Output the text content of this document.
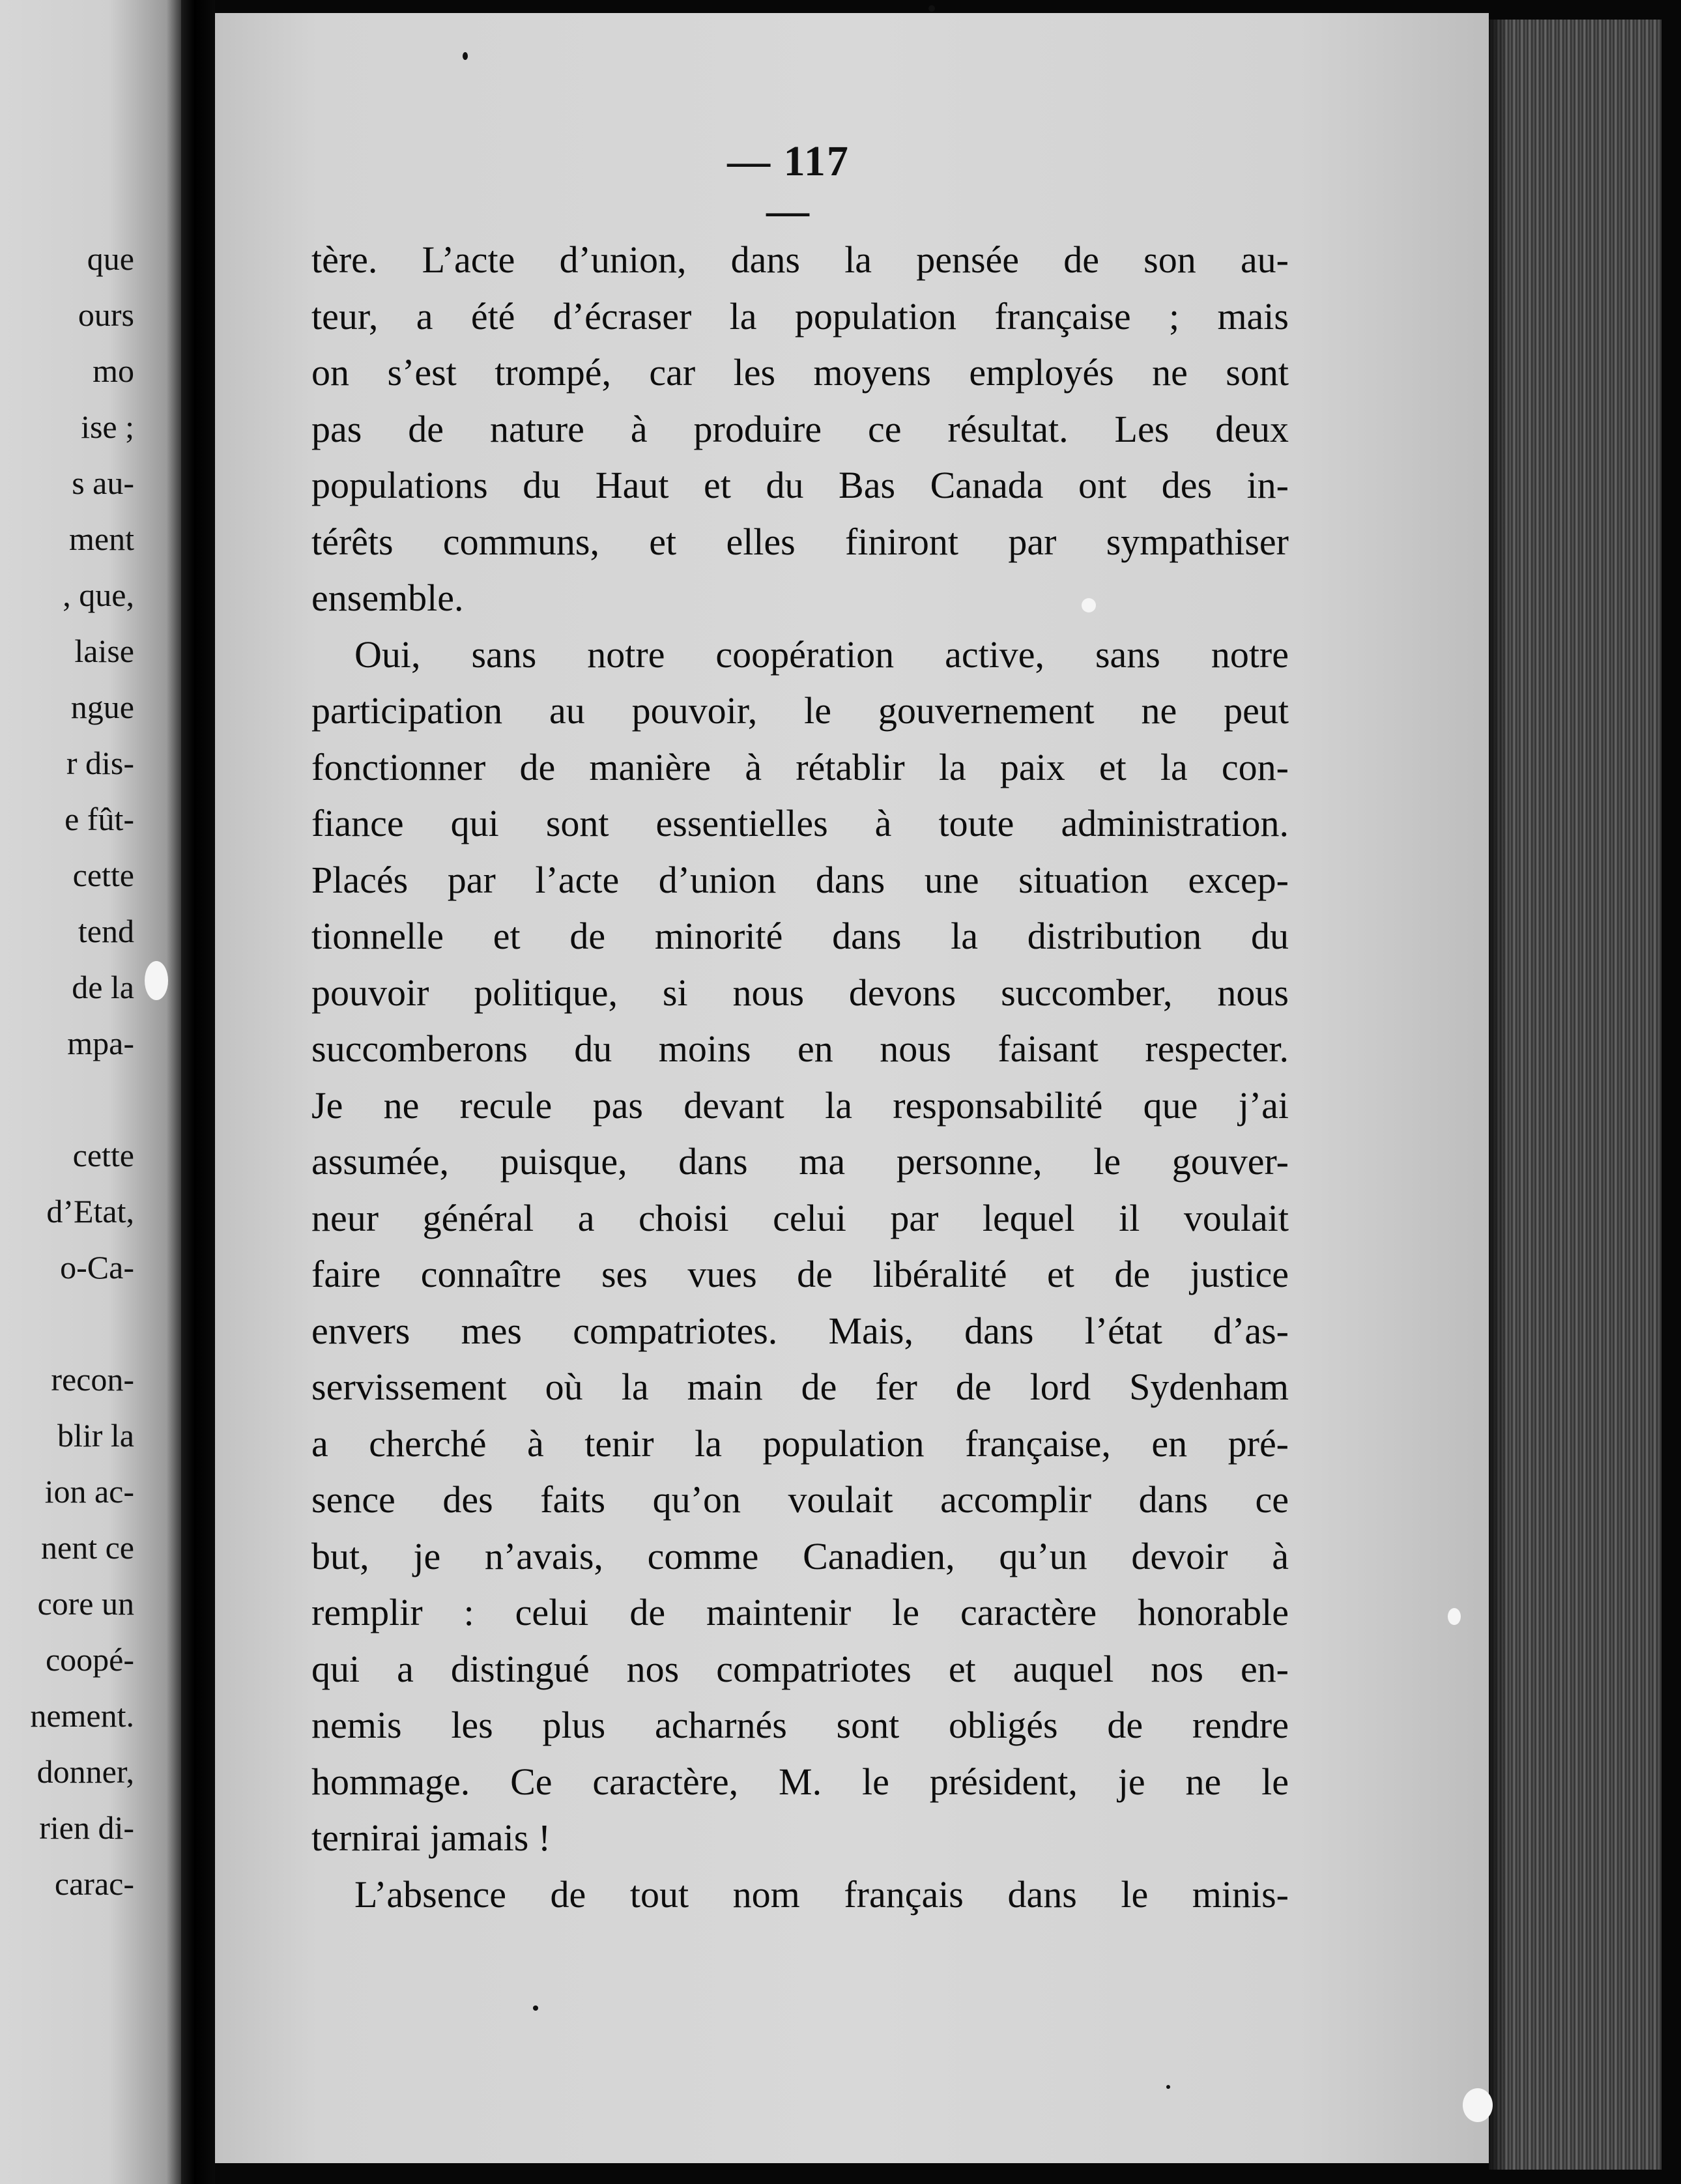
que
ours
mo
ise ;
s au-
ment
, que,
laise
ngue
r dis-
e fût-
cette
tend
de la
mpa-
cette
d’Etat,
o-Ca-
recon-
blir la
ion ac-
nent ce
core un
coopé-
nement.
donner,
rien di-
carac-
— 117 —
tère. L’acte d’union, dans la pensée de son au-
teur, a été d’écraser la population française ; mais
on s’est trompé, car les moyens employés ne sont
pas de nature à produire ce résultat. Les deux
populations du Haut et du Bas Canada ont des in-
térêts communs, et elles finiront par sympathiser
ensemble.
Oui, sans notre coopération active, sans notre
participation au pouvoir, le gouvernement ne peut
fonctionner de manière à rétablir la paix et la con-
fiance qui sont essentielles à toute administration.
Placés par l’acte d’union dans une situation excep-
tionnelle et de minorité dans la distribution du
pouvoir politique, si nous devons succomber, nous
succomberons du moins en nous faisant respecter.
Je ne recule pas devant la responsabilité que j’ai
assumée, puisque, dans ma personne, le gouver-
neur général a choisi celui par lequel il voulait
faire connaître ses vues de libéralité et de justice
envers mes compatriotes. Mais, dans l’état d’as-
servissement où la main de fer de lord Sydenham
a cherché à tenir la population française, en pré-
sence des faits qu’on voulait accomplir dans ce
but, je n’avais, comme Canadien, qu’un devoir à
remplir : celui de maintenir le caractère honorable
qui a distingué nos compatriotes et auquel nos en-
nemis les plus acharnés sont obligés de rendre
hommage. Ce caractère, M. le président, je ne le
ternirai jamais !
L’absence de tout nom français dans le minis-
